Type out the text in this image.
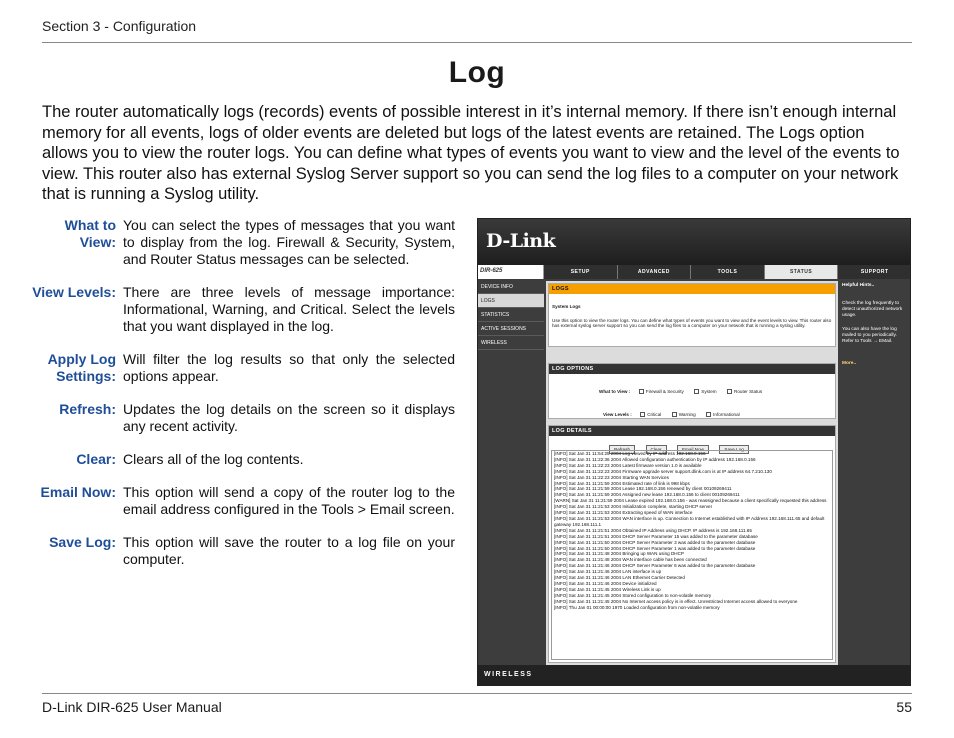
Section 3 - Configuration
Log

The router automatically logs (records) events of possible interest in it’s internal memory. If there isn’t enough internal memory for all events, logs of older events are deleted but logs of the latest events are retained. The Logs option allows you to view the router logs. You can define what types of events you want to view and the level of the events to view. This router also has external Syslog Server support so you can send the log files to a computer on your network that is running a Syslog utility.

What to View:
You can select the types of messages that you want to display from the log. Firewall & Security, System, and Router Status messages can be selected.
View Levels: There are three levels of message importance: Informational, Warning, and Critical. Select the levels that you want displayed in the log.
Apply Log Settings:
Will filter the log results so that only the selected options appear.
Refresh: Updates the log details on the screen so it displays any recent activity.
Clear: Clears all of the log contents.
Email Now: This option will send a copy of the router log to the email address configured in the Tools > Email screen.
Save Log: This option will save the router to a log file on your computer.
D-Link
DIR-625	SETUP	ADVANCED	TOOLS	STATUS	SUPPORT
DEVICE INFO
LOGS
STATISTICS
ACTIVE SESSIONS
WIRELESS
LOGS
System Logs
Use this option to view the router logs. You can define what types of events you want to view and the event levels to view. This router also has external syslog server support so you can send the log files to a computer on your network that is running a syslog utility.
LOG OPTIONS
What to View :	Firewall & Security	System	Router Status
View Levels :	Critical	Warning	Informational
LOG DETAILS
Refresh	Clear	Email Now	Save Log
[INFO] Sat Jan 31 11:54:25 2004 Log viewed by IP address 192.168.0.156
[INFO] Sat Jan 31 11:22:36 2004 Allowed configuration authentication by IP address 192.168.0.156
[INFO] Sat Jan 31 11:22:23 2004 Latest firmware version 1.0 is available
[INFO] Sat Jan 31 11:22:23 2004 Firmware upgrade server support.dlink.com is at IP address 64.7.210.130
[INFO] Sat Jan 31 11:22:23 2004 Starting WAN Services
[INFO] Sat Jan 31 11:21:59 2004 Estimated rate of link is 998 kbps
[INFO] Sat Jan 31 11:21:59 2004 Lease 192.168.0.156 renewed by client 00109269411
[INFO] Sat Jan 31 11:21:59 2004 Assigned new lease 192.168.0.156 to client 00109269411
[WARN] Sat Jan 31 11:21:59 2004 Lease expired 192.168.0.156 - was reassigned because a client specifically requested this address
[INFO] Sat Jan 31 11:21:53 2004 Initialization complete, starting DHCP server
[INFO] Sat Jan 31 11:21:53 2004 Extracting speed of WAN interface
[INFO] Sat Jan 31 11:21:53 2004 WAN interface is up. Connection to Internet established with IP Address 192.168.111.65 and default gateway 192.168.111.1
[INFO] Sat Jan 31 11:21:51 2004 Obtained IP Address using DHCP. IP address is 192.168.111.65
[INFO] Sat Jan 31 11:21:51 2004 DHCP Server Parameter 15 was added to the parameter database
[INFO] Sat Jan 31 11:21:50 2004 DHCP Server Parameter 3 was added to the parameter database
[INFO] Sat Jan 31 11:21:50 2004 DHCP Server Parameter 1 was added to the parameter database
[INFO] Sat Jan 31 11:21:48 2004 Bringing up WAN using DHCP
[INFO] Sat Jan 31 11:21:48 2004 WAN interface cable has been connected
[INFO] Sat Jan 31 11:21:46 2004 DHCP Server Parameter 6 was added to the parameter database
[INFO] Sat Jan 31 11:21:46 2004 LAN interface is up
[INFO] Sat Jan 31 11:21:46 2004 LAN Ethernet Carrier Detected
[INFO] Sat Jan 31 11:21:46 2004 Device initialized
[INFO] Sat Jan 31 11:21:45 2004 Wireless Link is up
[INFO] Sat Jan 31 11:21:45 2004 Stored configuration to non-volatile memory
[INFO] Sat Jan 31 11:21:45 2004 No Internet access policy is in effect. Unrestricted Internet access allowed to everyone
[INFO] Thu Jan 01 00:00:00 1970 Loaded configuration from non-volatile memory
Helpful Hints..
Check the log frequently to detect unauthorized network usage.
You can also have the log mailed to you periodically. Refer to Tools → EMail.
More..
WIRELESS
D-Link DIR-625 User Manual	55
